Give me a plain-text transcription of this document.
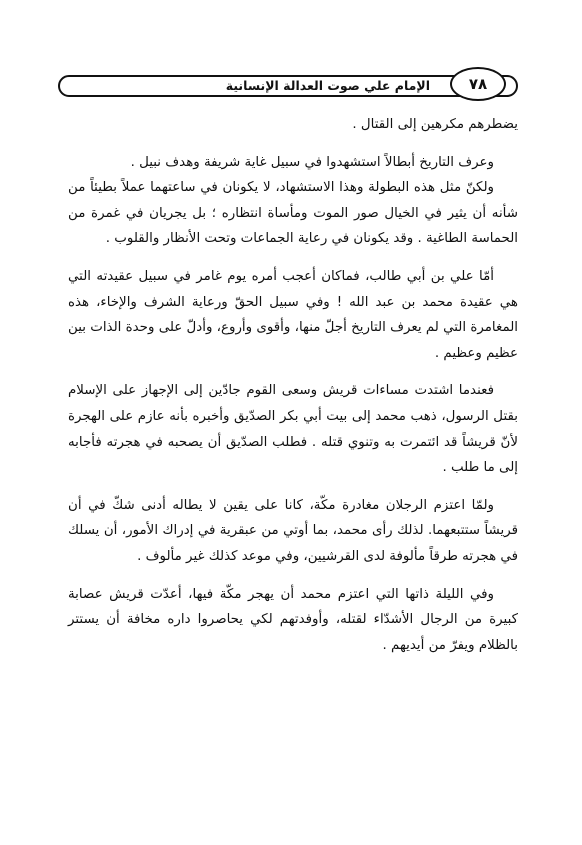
الإمام علي صوت العدالة الإنسانية	٧٨

يضطرهم مكرهين إلى القتال .

وعرف التاريخ أبطالاً استشهدوا في سبيل غاية شريفة وهدف نبيل .

ولكنّ مثل هذه البطولة وهذا الاستشهاد، لا يكونان في ساعتهما عملاً بطيئاً من شأنه أن يثير في الخيال صور الموت ومأساة انتظاره ؛ بل يجريان في غمرة من الحماسة الطاغية . وقد يكونان في رعاية الجماعات وتحت الأنظار والقلوب .

أمّا علي بن أبي طالب، فماكان أعجب أمره يوم غامر في سبيل عقيدته التي هي عقيدة محمد بن عبد الله ! وفي سبيل الحقّ ورعاية الشرف والإخاء، هذه المغامرة التي لم يعرف التاريخ أجلّ منها، وأقوى وأروع، وأدلّ على وحدة الذات بين عظيم وعظيم .

فعندما اشتدت مساءات قريش وسعى القوم جادّين إلى الإجهاز على الإسلام بقتل الرسول، ذهب محمد إلى بيت أبي بكر الصدّيق وأخبره بأنه عازم على الهجرة لأنّ قريشاً قد ائتمرت به وتنوي قتله . فطلب الصدّيق أن يصحبه في هجرته فأجابه إلى ما طلب .

ولمّا اعتزم الرجلان مغادرة مكّة، كانا على يقين لا يطاله أدنى شكّ في أن قريشاً ستتبعهما. لذلك رأى محمد، بما أوتي من عبقرية في إدراك الأمور، أن يسلك في هجرته طرقاً مألوفة لدى القرشيين، وفي موعد كذلك غير مألوف .

وفي الليلة ذاتها التي اعتزم محمد أن يهجر مكّة فيها، أعدّت قريش عصابة كبيرة من الرجال الأشدّاء لقتله، وأوفدتهم لكي يحاصروا داره مخافة أن يستتر بالظلام ويفرّ من أيديهم .
